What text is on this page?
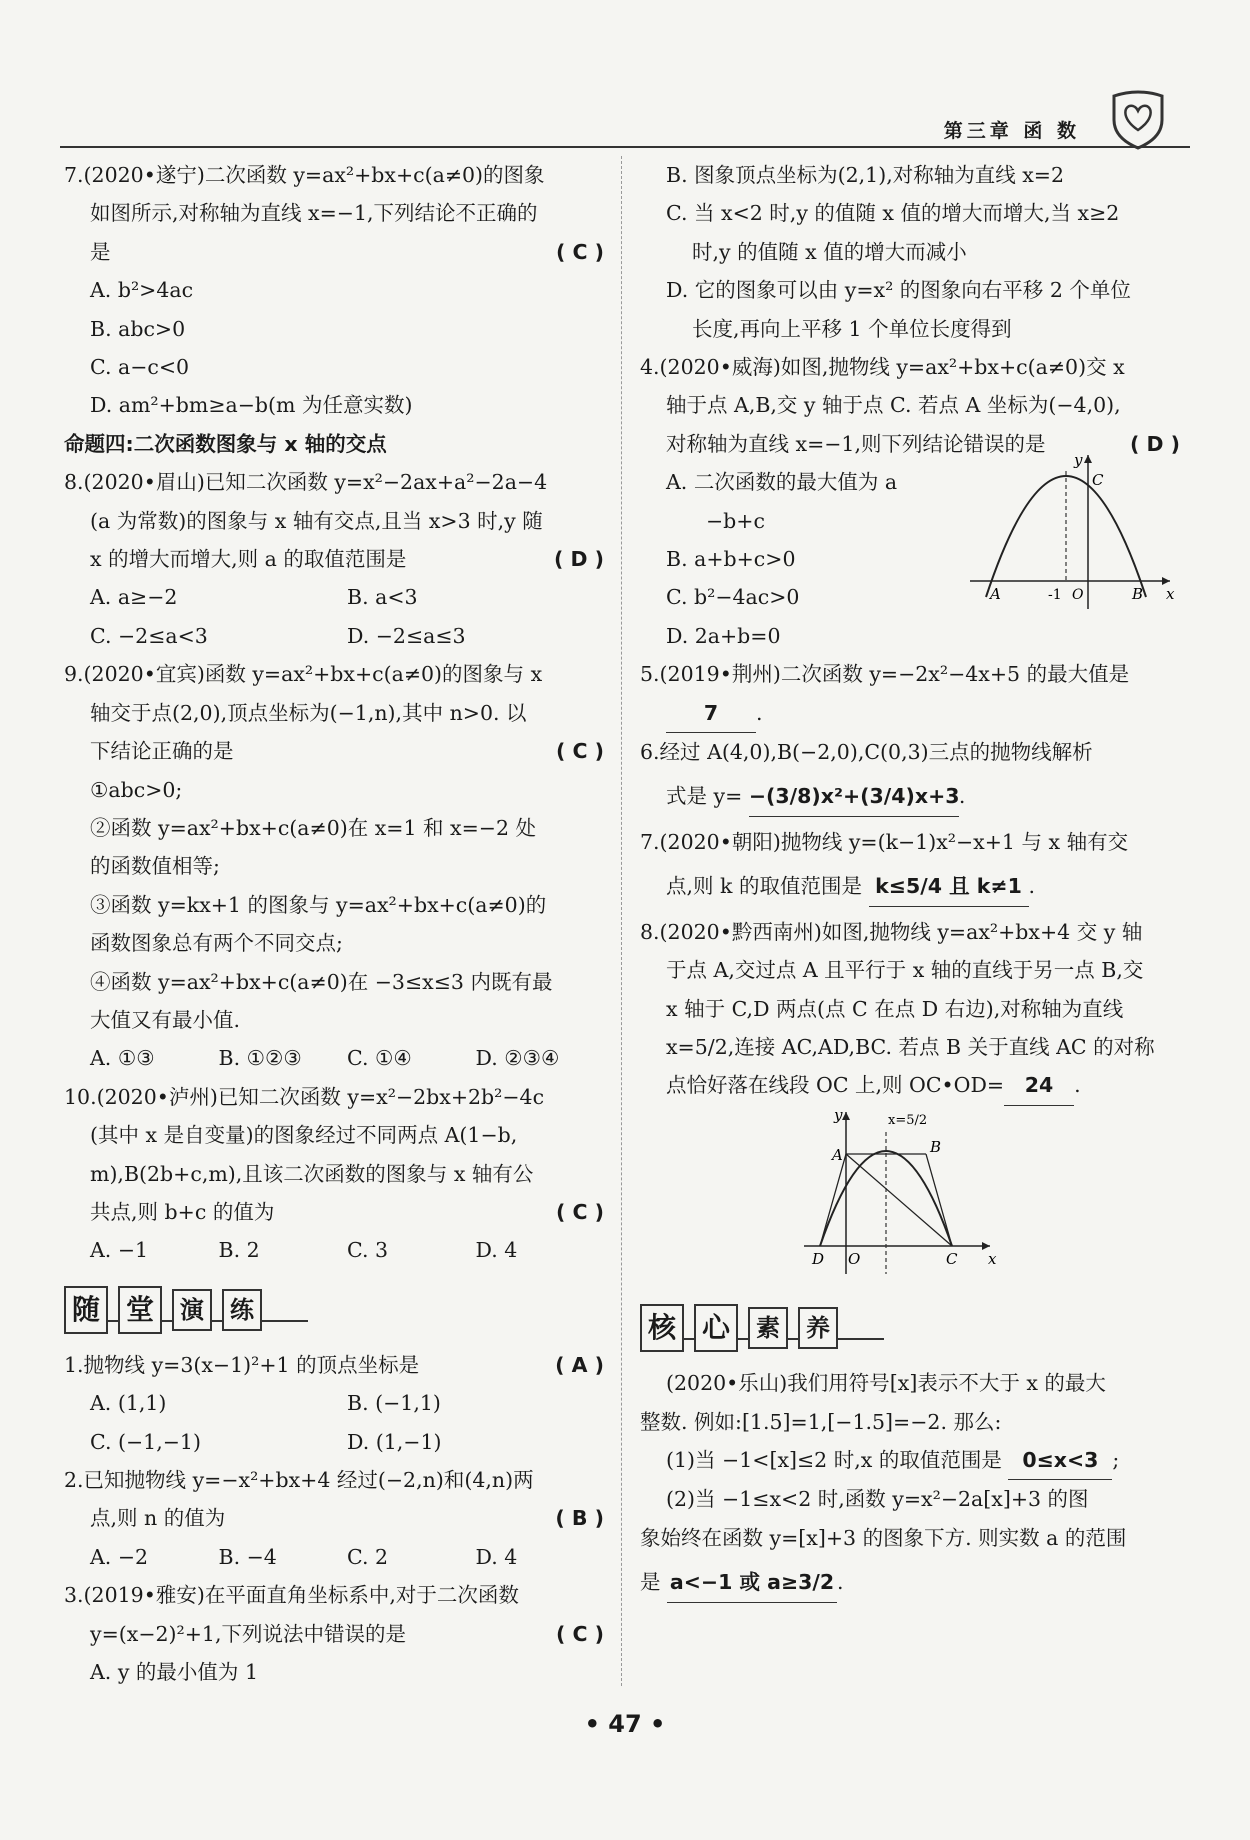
第三章 函 数
7.(2020•遂宁)二次函数 y=ax²+bx+c(a≠0)的图象
如图所示,对称轴为直线 x=−1,下列结论不正确的
是	( C )
A. b²>4ac
B. abc>0
C. a−c<0
D. am²+bm≥a−b(m 为任意实数)
命题四:二次函数图象与 x 轴的交点
8.(2020•眉山)已知二次函数 y=x²−2ax+a²−2a−4
(a 为常数)的图象与 x 轴有交点,且当 x>3 时,y 随
x 的增大而增大,则 a 的取值范围是	( D )
A. a≥−2	B. a<3
C. −2≤a<3	D. −2≤a≤3
9.(2020•宜宾)函数 y=ax²+bx+c(a≠0)的图象与 x
轴交于点(2,0),顶点坐标为(−1,n),其中 n>0. 以
下结论正确的是	( C )
①abc>0;
②函数 y=ax²+bx+c(a≠0)在 x=1 和 x=−2 处
的函数值相等;
③函数 y=kx+1 的图象与 y=ax²+bx+c(a≠0)的
函数图象总有两个不同交点;
④函数 y=ax²+bx+c(a≠0)在 −3≤x≤3 内既有最
大值又有最小值.
A. ①③	B. ①②③	C. ①④	D. ②③④
10.(2020•泸州)已知二次函数 y=x²−2bx+2b²−4c
(其中 x 是自变量)的图象经过不同两点 A(1−b,
m),B(2b+c,m),且该二次函数的图象与 x 轴有公
共点,则 b+c 的值为	( C )
A. −1	B. 2	C. 3	D. 4
随 堂	演	练
1.抛物线 y=3(x−1)²+1 的顶点坐标是	( A )
A. (1,1)	B. (−1,1)
C. (−1,−1)	D. (1,−1)
2.已知抛物线 y=−x²+bx+4 经过(−2,n)和(4,n)两
点,则 n 的值为	( B )
A. −2	B. −4	C. 2	D. 4
3.(2019•雅安)在平面直角坐标系中,对于二次函数
y=(x−2)²+1,下列说法中错误的是	( C )
A. y 的最小值为 1
B. 图象顶点坐标为(2,1),对称轴为直线 x=2
C. 当 x<2 时,y 的值随 x 值的增大而增大,当 x≥2
时,y 的值随 x 值的增大而减小
D. 它的图象可以由 y=x² 的图象向右平移 2 个单位
长度,再向上平移 1 个单位长度得到
4.(2020•威海)如图,抛物线 y=ax²+bx+c(a≠0)交 x
轴于点 A,B,交 y 轴于点 C. 若点 A 坐标为(−4,0),
对称轴为直线 x=−1,则下列结论错误的是	( D )
A. 二次函数的最大值为 a
−b+c
B. a+b+c>0
C. b²−4ac>0
D. 2a+b=0
y
x
C
A	B
-1 O
5.(2019•荆州)二次函数 y=−2x²−4x+5 的最大值是
7 .
6.经过 A(4,0),B(−2,0),C(0,3)三点的抛物线解析
式是 y= −(3/8)x²+(3/4)x+3.
7.(2020•朝阳)抛物线 y=(k−1)x²−x+1 与 x 轴有交
点,则 k 的取值范围是 k≤5/4 且 k≠1 .
8.(2020•黔西南州)如图,抛物线 y=ax²+bx+4 交 y 轴
于点 A,交过点 A 且平行于 x 轴的直线于另一点 B,交
x 轴于 C,D 两点(点 C 在点 D 右边),对称轴为直线
x=5/2,连接 AC,AD,BC. 若点 B 关于直线 AC 的对称
点恰好落在线段 OC 上,则 OC•OD= 24 .
y
x
x=5/2
A	B
C
D O
核 心	素	养
(2020•乐山)我们用符号[x]表示不大于 x 的最大
整数. 例如:[1.5]=1,[−1.5]=−2. 那么:
(1)当 −1<[x]≤2 时,x 的取值范围是 0≤x<3 ;
(2)当 −1≤x<2 时,函数 y=x²−2a[x]+3 的图
象始终在函数 y=[x]+3 的图象下方. 则实数 a 的范围
是 a<−1 或 a≥3/2 .
• 47 •
